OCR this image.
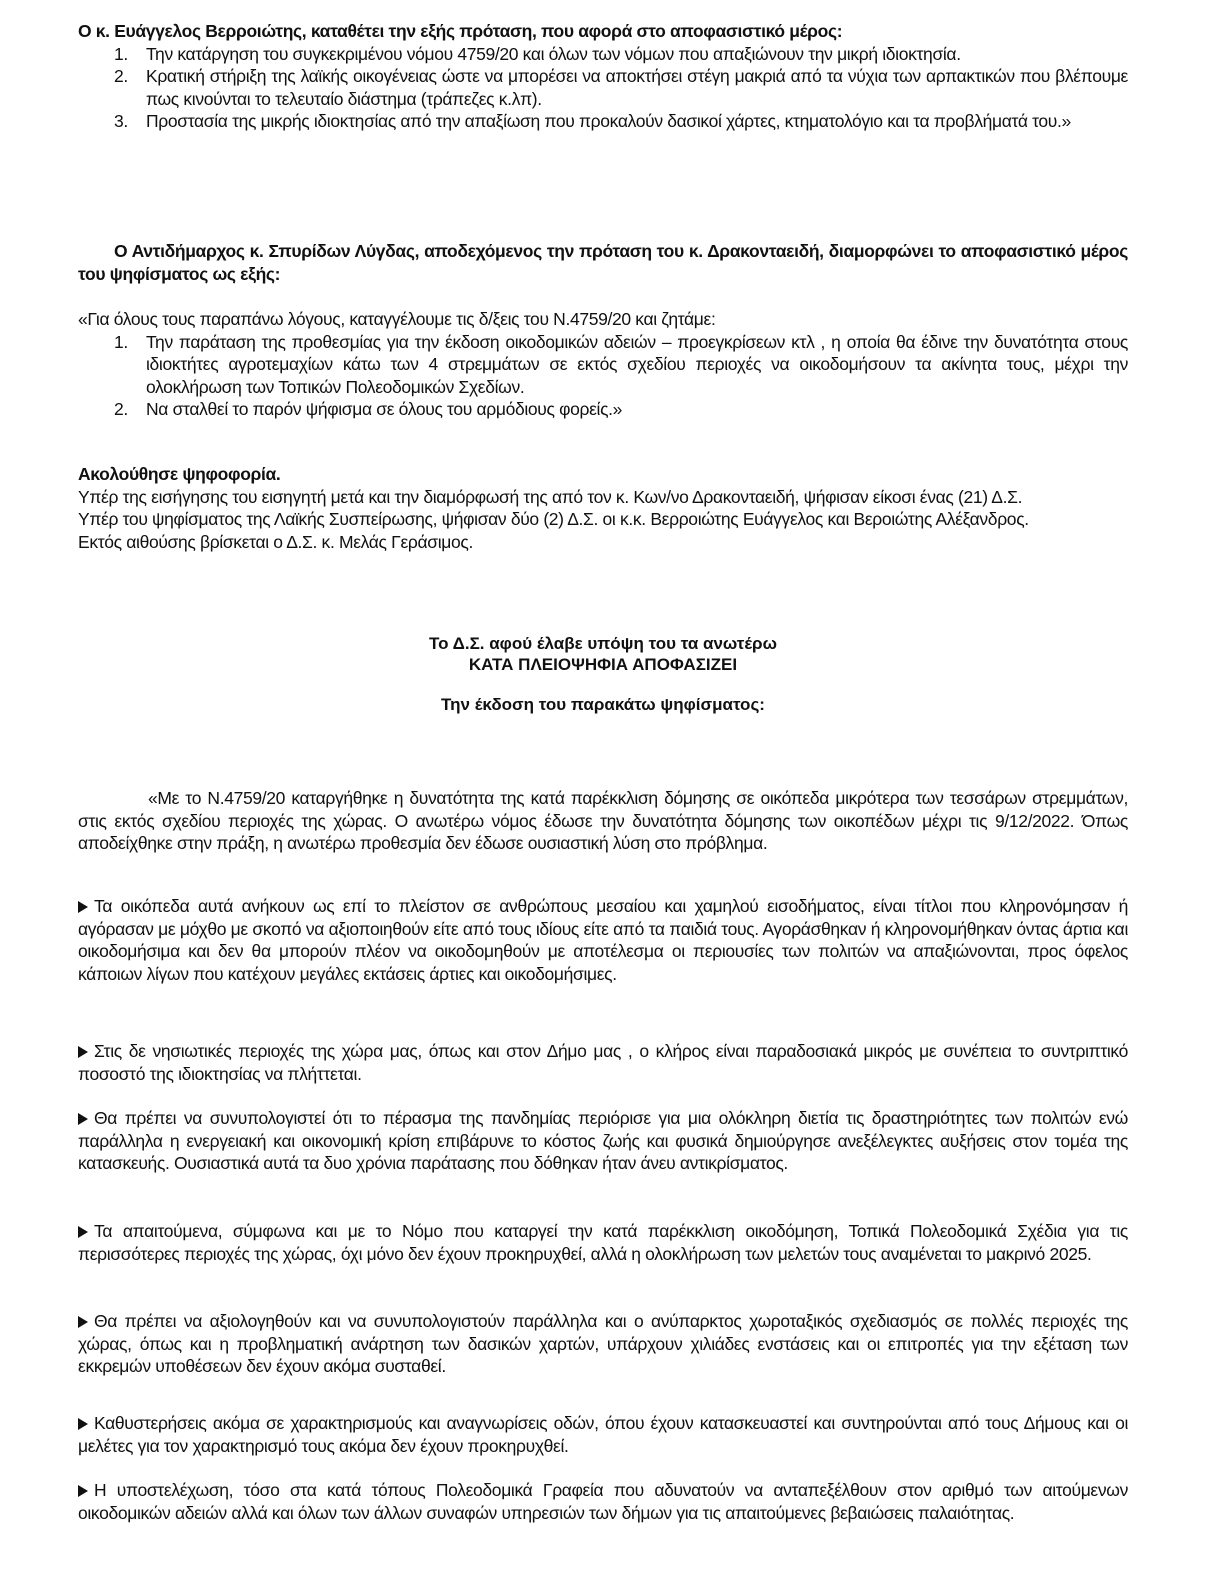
Ο κ. Ευάγγελος Βερροιώτης, καταθέτει την εξής πρόταση, που αφορά στο αποφασιστικό μέρος:

1. Την κατάργηση του συγκεκριμένου νόμου 4759/20 και όλων των νόμων που απαξιώνουν την μικρή ιδιοκτησία.
2. Κρατική στήριξη της λαϊκής οικογένειας ώστε να μπορέσει να αποκτήσει στέγη μακριά από τα νύχια των αρπακτικών που βλέπουμε πως κινούνται το τελευταίο διάστημα (τράπεζες κ.λπ).
3. Προστασία της μικρής ιδιοκτησίας από την απαξίωση που προκαλούν δασικοί χάρτες, κτηματολόγιο και τα προβλήματά του.»

Ο Αντιδήμαρχος κ. Σπυρίδων Λύγδας, αποδεχόμενος την πρόταση του κ. Δρακονταειδή, διαμορφώνει το αποφασιστικό μέρος του ψηφίσματος ως εξής:

«Για όλους τους παραπάνω λόγους, καταγγέλουμε τις δ/ξεις του Ν.4759/20 και ζητάμε:

1. Την παράταση της προθεσμίας για την έκδοση οικοδομικών αδειών – προεγκρίσεων κτλ , η οποία θα έδινε την δυνατότητα στους ιδιοκτήτες αγροτεμαχίων κάτω των 4 στρεμμάτων σε εκτός σχεδίου περιοχές να οικοδομήσουν τα ακίνητα τους, μέχρι την ολοκλήρωση των Τοπικών Πολεοδομικών Σχεδίων.
2. Να σταλθεί το παρόν ψήφισμα σε όλους του αρμόδιους φορείς.»

Ακολούθησε ψηφοφορία.

Υπέρ της εισήγησης του εισηγητή μετά και την διαμόρφωσή της από τον κ. Κων/νο Δρακονταειδή, ψήφισαν είκοσι ένας (21) Δ.Σ.

Υπέρ του ψηφίσματος της Λαϊκής Συσπείρωσης, ψήφισαν δύο (2) Δ.Σ. οι κ.κ. Βερροιώτης Ευάγγελος και Βεροιώτης Αλέξανδρος.

Εκτός αιθούσης βρίσκεται ο Δ.Σ. κ. Μελάς Γεράσιμος.

Το Δ.Σ. αφού έλαβε υπόψη του τα ανωτέρω

ΚΑΤΑ ΠΛΕΙΟΨΗΦΙΑ ΑΠΟΦΑΣΙΖΕΙ

Την έκδοση του παρακάτω ψηφίσματος:

«Με το Ν.4759/20 καταργήθηκε η δυνατότητα της κατά παρέκκλιση δόμησης σε οικόπεδα μικρότερα των τεσσάρων στρεμμάτων, στις εκτός σχεδίου περιοχές της χώρας. Ο ανωτέρω νόμος έδωσε την δυνατότητα δόμησης των οικοπέδων μέχρι τις 9/12/2022. Όπως αποδείχθηκε στην πράξη, η ανωτέρω προθεσμία δεν έδωσε ουσιαστική λύση στο πρόβλημα.

Τα οικόπεδα αυτά ανήκουν ως επί το πλείστον σε ανθρώπους μεσαίου και χαμηλού εισοδήματος, είναι τίτλοι που κληρονόμησαν ή αγόρασαν με μόχθο με σκοπό να αξιοποιηθούν είτε από τους ιδίους είτε από τα παιδιά τους. Αγοράσθηκαν ή κληρονομήθηκαν όντας άρτια και οικοδομήσιμα και δεν θα μπορούν πλέον να οικοδομηθούν με αποτέλεσμα οι περιουσίες των πολιτών να απαξιώνονται, προς όφελος κάποιων λίγων που κατέχουν μεγάλες εκτάσεις άρτιες και οικοδομήσιμες.

Στις δε νησιωτικές περιοχές της χώρα μας, όπως και στον Δήμο μας , ο κλήρος είναι παραδοσιακά μικρός με συνέπεια το συντριπτικό ποσοστό της ιδιοκτησίας να πλήττεται.

Θα πρέπει να συνυπολογιστεί ότι το πέρασμα της πανδημίας περιόρισε για μια ολόκληρη διετία τις δραστηριότητες των πολιτών ενώ παράλληλα η ενεργειακή και οικονομική κρίση επιβάρυνε το κόστος ζωής και φυσικά δημιούργησε ανεξέλεγκτες αυξήσεις στον τομέα της κατασκευής. Ουσιαστικά αυτά τα δυο χρόνια παράτασης που δόθηκαν ήταν άνευ αντικρίσματος.

Τα απαιτούμενα, σύμφωνα και με το Νόμο που καταργεί την κατά παρέκκλιση οικοδόμηση, Τοπικά Πολεοδομικά Σχέδια για τις περισσότερες περιοχές της χώρας, όχι μόνο δεν έχουν προκηρυχθεί, αλλά η ολοκλήρωση των μελετών τους αναμένεται το μακρινό 2025.

Θα πρέπει να αξιολογηθούν και να συνυπολογιστούν παράλληλα και ο ανύπαρκτος χωροταξικός σχεδιασμός σε πολλές περιοχές της χώρας, όπως και η προβληματική ανάρτηση των δασικών χαρτών, υπάρχουν χιλιάδες ενστάσεις και οι επιτροπές για την εξέταση των εκκρεμών υποθέσεων δεν έχουν ακόμα συσταθεί.

Καθυστερήσεις ακόμα σε χαρακτηρισμούς και αναγνωρίσεις οδών, όπου έχουν κατασκευαστεί και συντηρούνται από τους Δήμους και οι μελέτες για τον χαρακτηρισμό τους ακόμα δεν έχουν προκηρυχθεί.

Η υποστελέχωση, τόσο στα κατά τόπους Πολεοδομικά Γραφεία που αδυνατούν να ανταπεξέλθουν στον αριθμό των αιτούμενων οικοδομικών αδειών αλλά και όλων των άλλων συναφών υπηρεσιών των δήμων για τις απαιτούμενες βεβαιώσεις παλαιότητας.
